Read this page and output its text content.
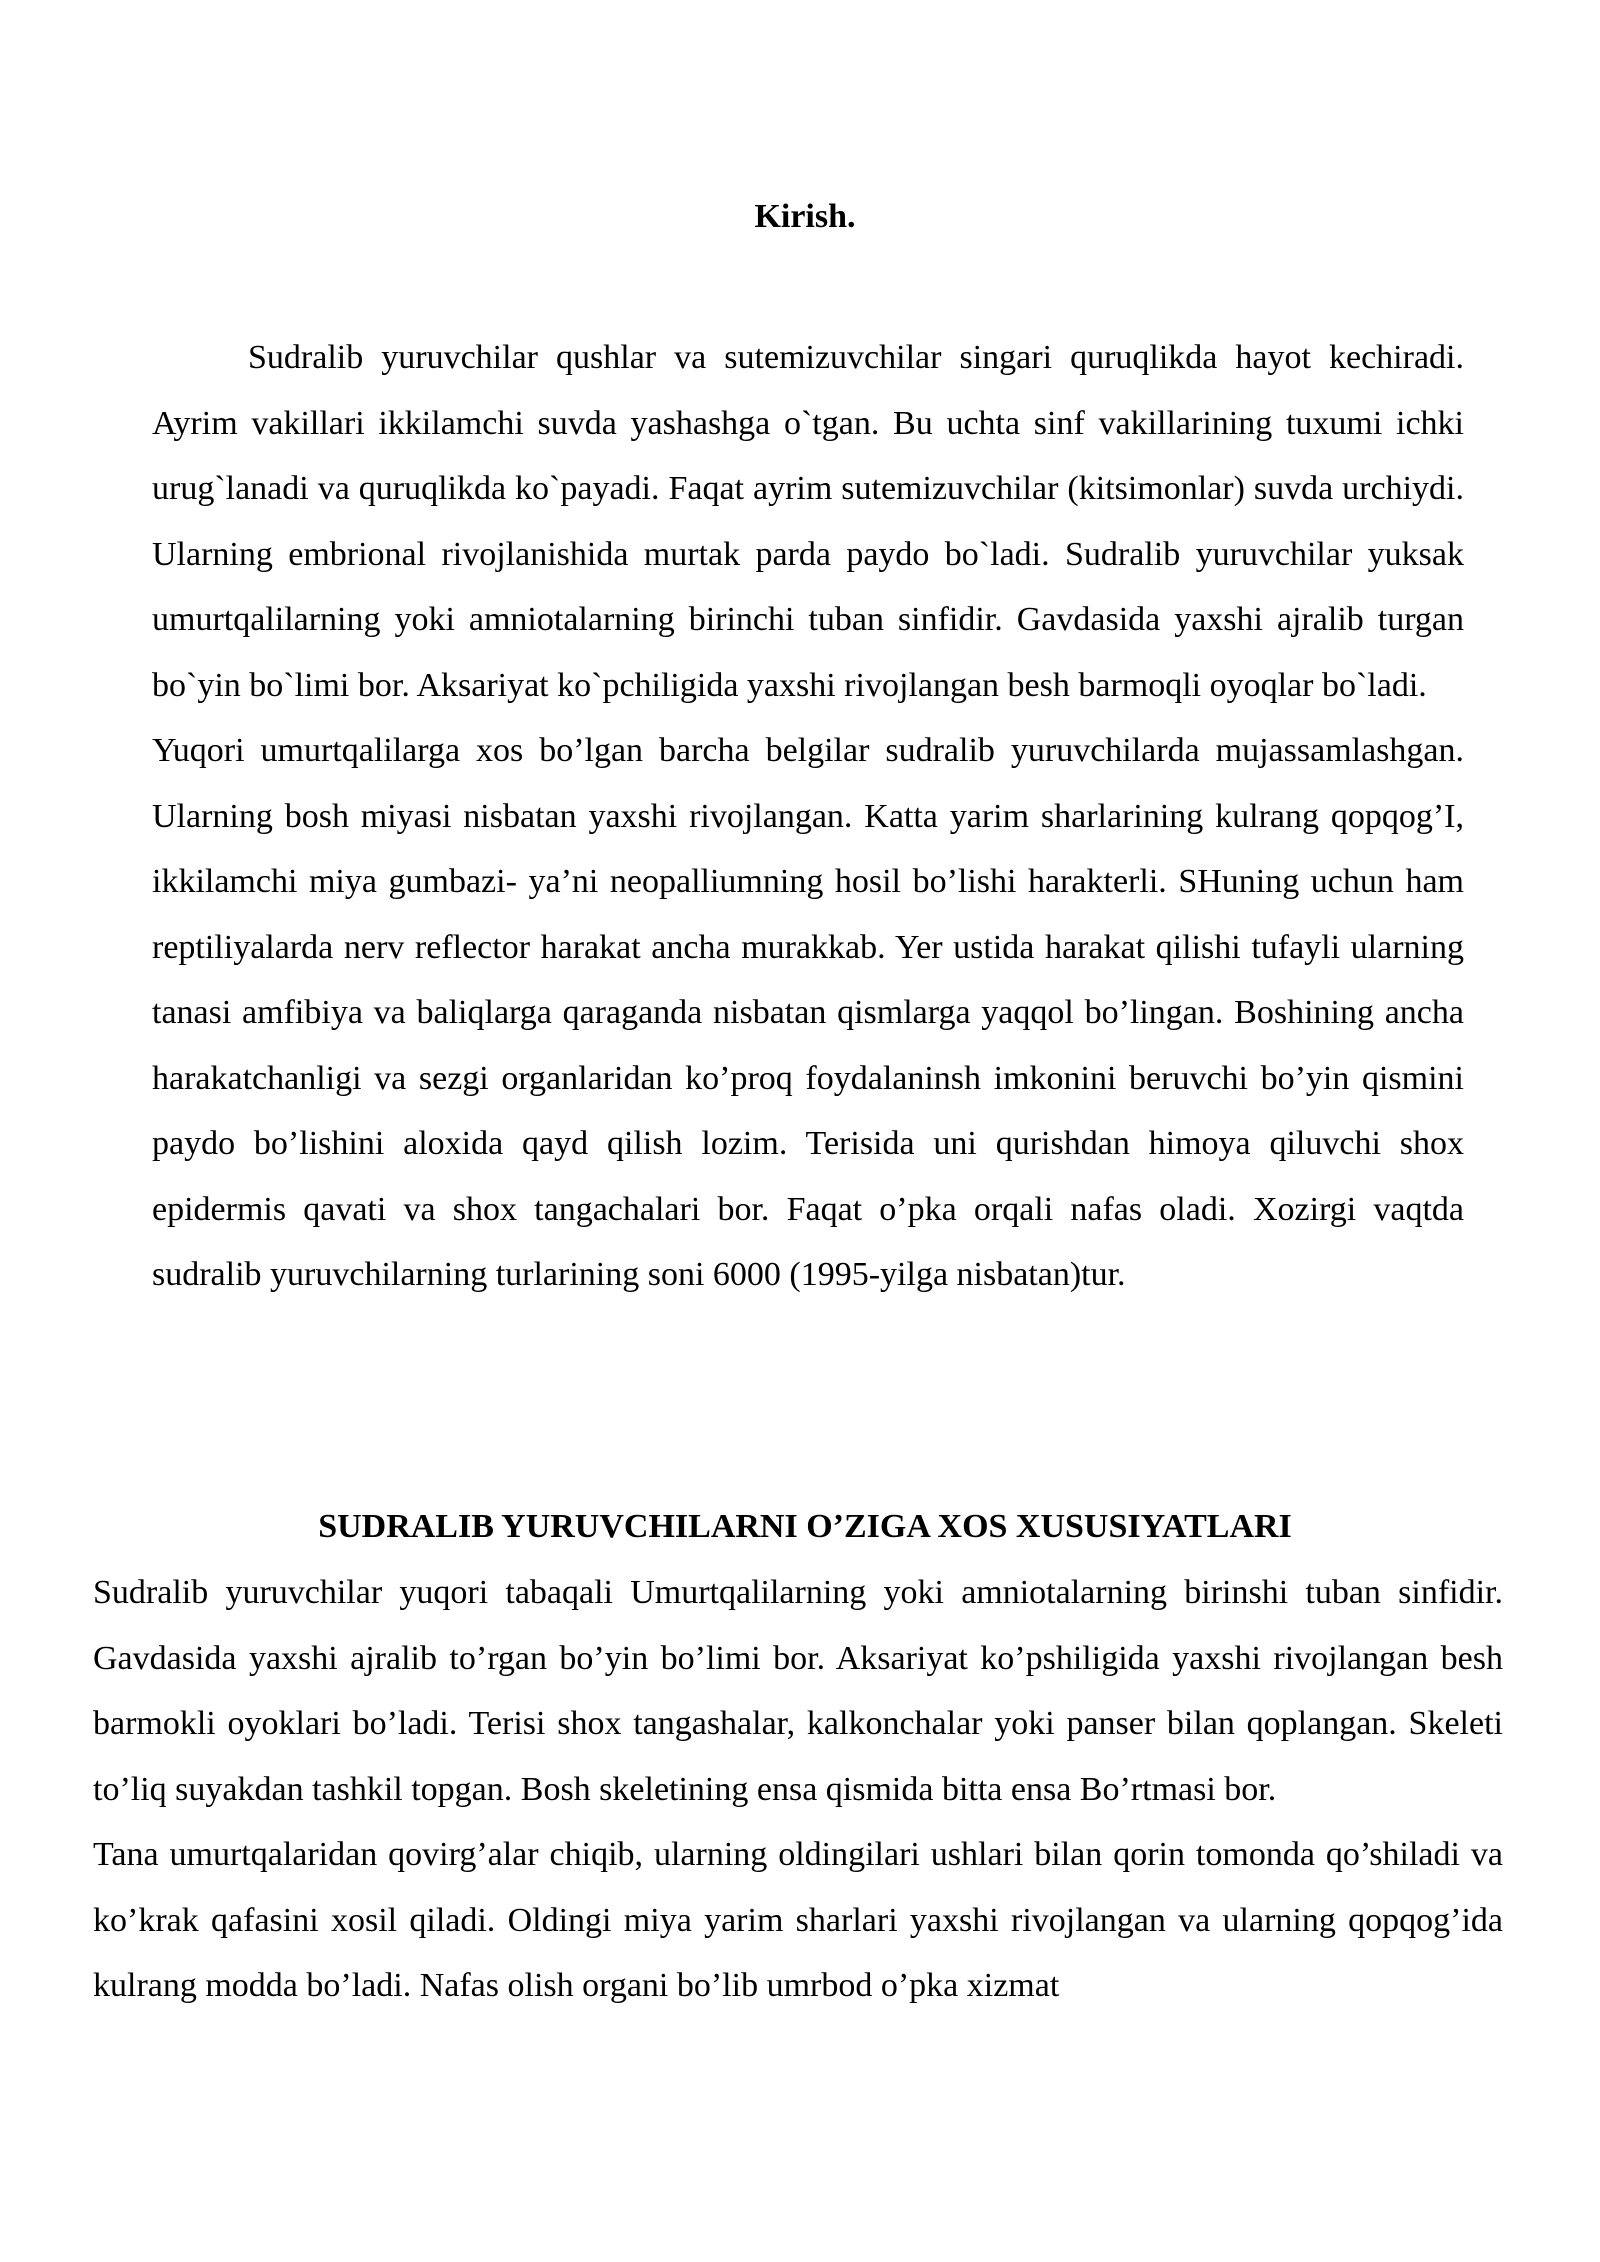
Kirish.

Sudralib yuruvchilar qushlar va sutemizuvchilar singari quruqlikda hayot kechiradi. Ayrim vakillari ikkilamchi suvda yashashga o`tgan. Bu uchta sinf vakillarining tuxumi ichki urug`lanadi va quruqlikda ko`payadi. Faqat ayrim sutemizuvchilar (kitsimonlar) suvda urchiydi. Ularning embrional rivojlanishida murtak parda paydo bo`ladi. Sudralib yuruvchilar yuksak umurtqalilarning yoki amniotalarning birinchi tuban sinfidir. Gavdasida yaxshi ajralib turgan bo`yin bo`limi bor. Aksariyat ko`pchiligida yaxshi rivojlangan besh barmoqli oyoqlar bo`ladi.

Yuqori umurtqalilarga xos bo’lgan barcha belgilar sudralib yuruvchilarda mujassamlashgan. Ularning bosh miyasi nisbatan yaxshi rivojlangan. Katta yarim sharlarining kulrang qopqog’I, ikkilamchi miya gumbazi- ya’ni neopalliumning hosil bo’lishi harakterli. SHuning uchun ham reptiliyalarda nerv reflector harakat ancha murakkab. Yer ustida harakat qilishi tufayli ularning tanasi amfibiya va baliqlarga qaraganda nisbatan qismlarga yaqqol bo’lingan. Boshining ancha harakatchanligi va sezgi organlaridan ko’proq foydalaninsh imkonini beruvchi bo’yin qismini paydo bo’lishini aloxida qayd qilish lozim. Terisida uni qurishdan himoya qiluvchi shox epidermis qavati va shox tangachalari bor. Faqat o’pka orqali nafas oladi. Xozirgi vaqtda sudralib yuruvchilarning turlarining soni 6000 (1995-yilga nisbatan)tur.

SUDRALIB YURUVCHILARNI O’ZIGA XOS XUSUSIYATLARI

Sudralib yuruvchilar yuqori tabaqali Umurtqalilarning yoki amniotalarning birinshi tuban sinfidir. Gavdasida yaxshi ajralib to’rgan bo’yin bo’limi bor. Aksariyat ko’pshiligida yaxshi rivojlangan besh barmokli oyoklari bo’ladi. Terisi shox tangashalar, kalkonchalar yoki panser bilan qoplangan. Skeleti to’liq suyakdan tashkil topgan. Bosh skeletining ensa qismida bitta ensa Bo’rtmasi bor.

Tana umurtqalaridan qovirg’alar chiqib, ularning oldingilari ushlari bilan qorin tomonda qo’shiladi va ko’krak qafasini xosil qiladi. Oldingi miya yarim sharlari yaxshi rivojlangan va ularning qopqog’ida kulrang modda bo’ladi. Nafas olish organi bo’lib umrbod o’pka xizmat
